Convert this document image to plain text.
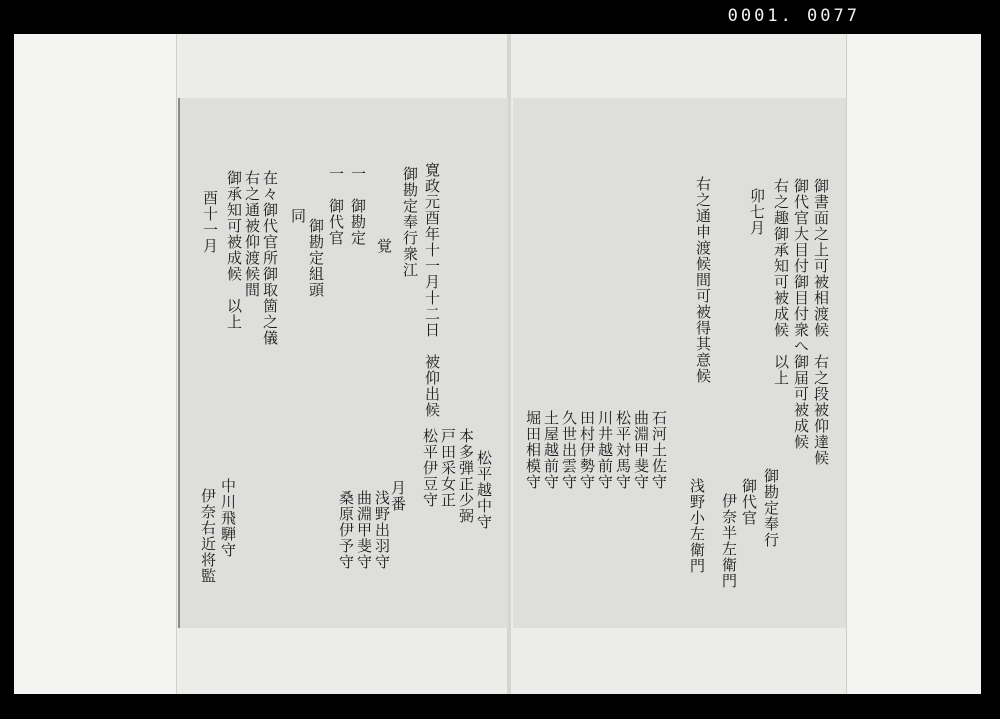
0001. 0077
御書面之上可被相渡候　右之段被仰達候
御代官大目付御目付衆へ御届可被成候
右之趣御承知可被成候　以上
卯七月
右之通申渡候間可被得其意候
御勘定奉行
御代官
伊奈半左衛門
浅野小左衛門
石河土佐守
曲淵甲斐守
松平対馬守
川井越前守
田村伊勢守
久世出雲守
土屋越前守
堀田相模守
寛政元酉年十一月十二日　被仰出候
御勘定奉行衆江
覚
一　御勘定
一　御代官
御勘定組頭
同
在々御代官所御取箇之儀
右之通被仰渡候間
御承知可被成候　以上
酉十一月
松平越中守
本多弾正少弼
戸田采女正
松平伊豆守
月番
浅野出羽守
曲淵甲斐守
桑原伊予守
中川飛騨守
伊奈右近将監
